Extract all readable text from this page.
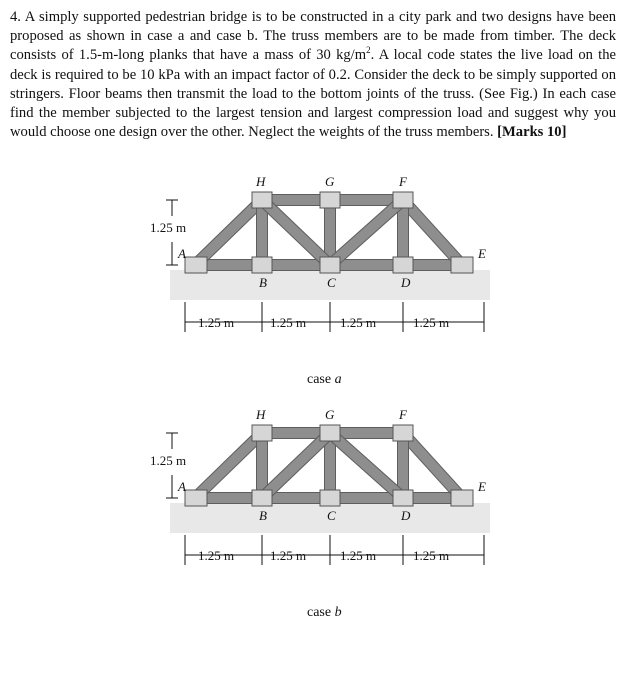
4. A simply supported pedestrian bridge is to be constructed in a city park and two designs have been proposed as shown in case a and case b. The truss members are to be made from timber. The deck consists of 1.5-m-long planks that have a mass of 30 $kg/m^2$. A local code states the live load on the deck is required to be 10 kPa with an impact factor of 0.2. Consider the deck to be simply supported on stringers. Floor beams then transmit the load to the bottom joints of the truss. (See Fig.) In each case find the member subjected to the largest tension and largest compression load and suggest why you would choose one design over the other. Neglect the weights of the truss members. [Marks 10]

H	G	F
A
B	C	D
E
1.25 m
1.25 m	1.25 m	1.25 m	1.25 m
case a
H	G	F
A
B	C	D
E
1.25 m
1.25 m	1.25 m	1.25 m	1.25 m
case b
